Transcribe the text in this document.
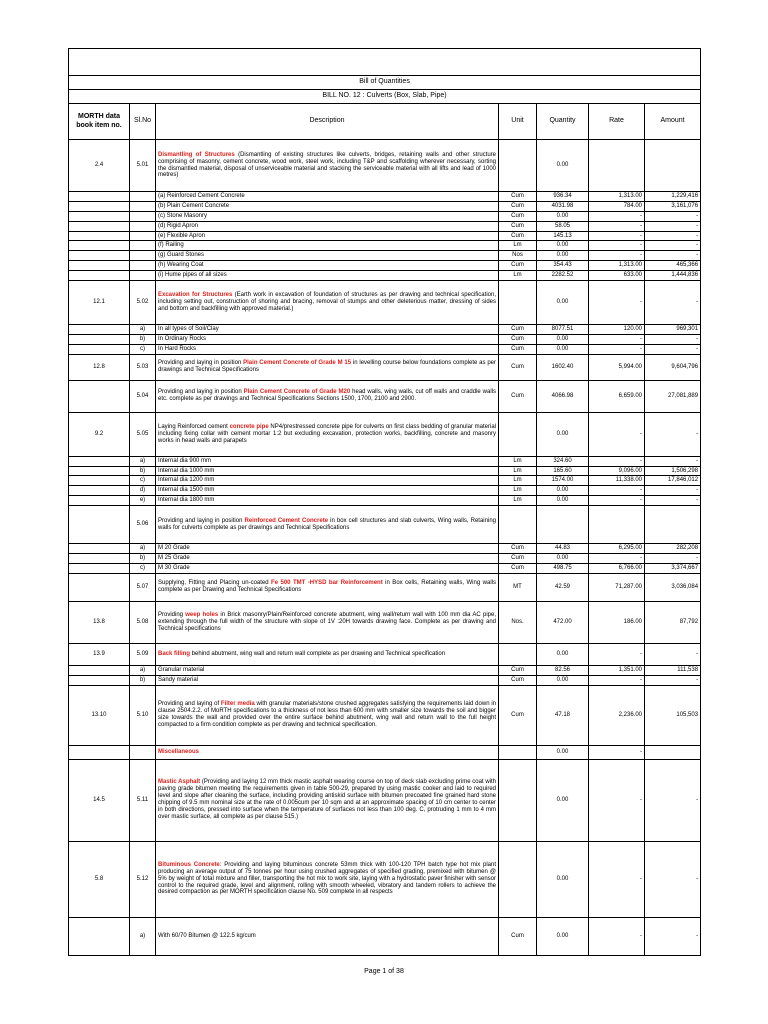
Bill of Quantities						
BILL NO. 12 : Culverts (Box, Slab, Pipe)						
MORTH data book item no.	Sl.No	Description	Unit	Quantity	Rate	Amount
2.4	5.01	Dismantling of Structures (Dismantling of existing structures like culverts, bridges, retaining walls and other structure comprising of masonry, cement concrete, wood work, steel work, including T&P and scaffolding wherever necessary, sorting the dismantled material, disposal of unserviceable material and stacking the serviceable material with all lifts and lead of 1000 metres)		0.00		
		(a) Reinforced Cement Concrete	Cum	936.34	1,313.00	1,229,416
		(b) Plain Cement Concrete	Cum	4031.98	784.00	3,161,076
		(c) Stone Masonry	Cum	0.00	-	-
		(d) Rigid Apron	Cum	58.05	-	-
		(e) Flexible Apron	Cum	145.13	-	-
		(f) Railing	Lm	0.00	-	-
		(g) Guard Stones	Nos	0.00	-	-
		(h) Wearing Coat	Cum	354.43	1,313.00	465,366
		(i) Hume pipes of all sizes	Lm	2282.52	633.00	1,444,836
12.1	5.02	Excavation for Structures (Earth work in excavation of foundation of structures as per drawing and technical specification, including setting out, construction of shoring and bracing, removal of stumps and other deleterious matter, dressing of sides and bottom and backfilling with approved material.)		0.00	-	-
	a)	In all types of Soil/Clay	Cum	8077.51	120.00	969,301
	b)	In Ordinary Rocks	Cum	0.00	-	-
	c)	In Hard Rocks	Cum	0.00	-	-
12.8	5.03	Providing and laying in position Plain Cement Concrete of Grade M 15 in levelling course below foundations complete as per drawings and Technical Specifications	Cum	1602.40	5,994.00	9,604,796
	5.04	Providing and laying in position Plain Cement Concrete of Grade M20 head walls, wing walls, cut off walls and craddle walls etc. complete as per drawings and Technical Specifications Sections 1500, 1700, 2100 and 2900.	Cum	4066.98	6,659.00	27,081,889
9.2	5.05	Laying Reinforced cement concrete pipe NP4/prestressed concrete pipe for culverts on first class bedding of granular material including fixing collar with cement mortar 1:2 but excluding excavation, protection works, backfilling, concrete and masonry works in head walls and parapets		0.00	-	-
	a)	Internal dia 900 mm	Lm	324.60	-	-
	b)	Internal dia 1000 mm	Lm	165.60	9,096.00	1,506,298
	c)	Internal dia 1200 mm	Lm	1574.00	11,338.00	17,846,012
	d)	Internal dia 1500 mm	Lm	0.00	-	-
	e)	Internal dia 1800 mm	Lm	0.00	-	-
	5.06	Providing and laying in position Reinforced Cement Concrete in box cell structures and slab culverts, Wing walls, Retaining walls for culverts complete as per drawings and Technical Specifications				
	a)	M 20 Grade	Cum	44.83	6,295.00	282,208
	b)	M 25 Grade	Cum	0.00	-	-
	c)	M 30 Grade	Cum	498.75	6,766.00	3,374,667
	5.07	Supplying, Fitting and Placing un-coated Fe 500 TMT -HYSD bar Reinforcement in Box cells, Retaining walls, Wing walls complete as per Drawing and Technical Specifications	MT	42.59	71,287.00	3,036,084
13.8	5.08	Providing weep holes in Brick masonry/Plain/Reinforced concrete abutment, wing wall/return wall with 100 mm dia AC pipe, extending through the full width of the structure with slope of 1V :20H towards drawing face. Complete as per drawing and Technical specifications	Nos.	472.00	186.00	87,792
13.9	5.09	Back filling behind abutment, wing wall and return wall complete as per drawing and Technical specification		0.00	-	-
	a)	Granular material	Cum	82.56	1,351.00	111,538
	b)	Sandy material	Cum	0.00	-	-
13.10	5.10	Providing and laying of Filter media with granular materials/stone crushed aggregates satisfying the requirements laid down in clause 2504.2.2. of MoRTH specifications to a thickness of not less than 600 mm with smaller size towards the soil and bigger size towards the wall and provided over the entire surface behind abutment, wing wall and return wall to the full height compacted to a firm condition complete as per drawing and technical specification.	Cum	47.18	2,236.00	105,503
		Miscellaneous		0.00	-	
14.5	5.11	Mastic Asphalt (Providing and laying 12 mm thick mastic asphalt wearing course on top of deck slab excluding prime coat with paving grade bitumen meeting the requirements given in table 500-29, prepared by using mastic cooker and laid to required level and slope after cleaning the surface, including providing antiskid surface with bitumen precoated fine grained hard stone chipping of 9.5 mm nominal size at the rate of 0.005cum per 10 sqm and at an approximate spacing of 10 cm center to center in both directions, pressed into surface when the temperature of surfaces not less than 100 deg. C, protruding 1 mm to 4 mm over mastic surface, all complete as per clause 515.)		0.00	-	-
5.8	5.12	Bituminous Concrete: Providing and laying bituminous concrete 53mm thick with 100-120 TPH batch type hot mix plant producing an average output of 75 tonnes per hour using crushed aggregates of specified grading, premixed with bitumen @ 5% by weight of total mixture and filler, transporting the hot mix to work site, laying with a hydrostatic paver finisher with sensor control to the required grade, level and alignment, rolling with smooth wheeled, vibratory and tandem rollers to achieve the desired compaction as per MORTH specification clause No. 509 complete in all respects		0.00	-	-
	a)	With 60/70 Bitumen @ 122.5 kg/cum	Cum	0.00	-	-
Page 1 of 38
